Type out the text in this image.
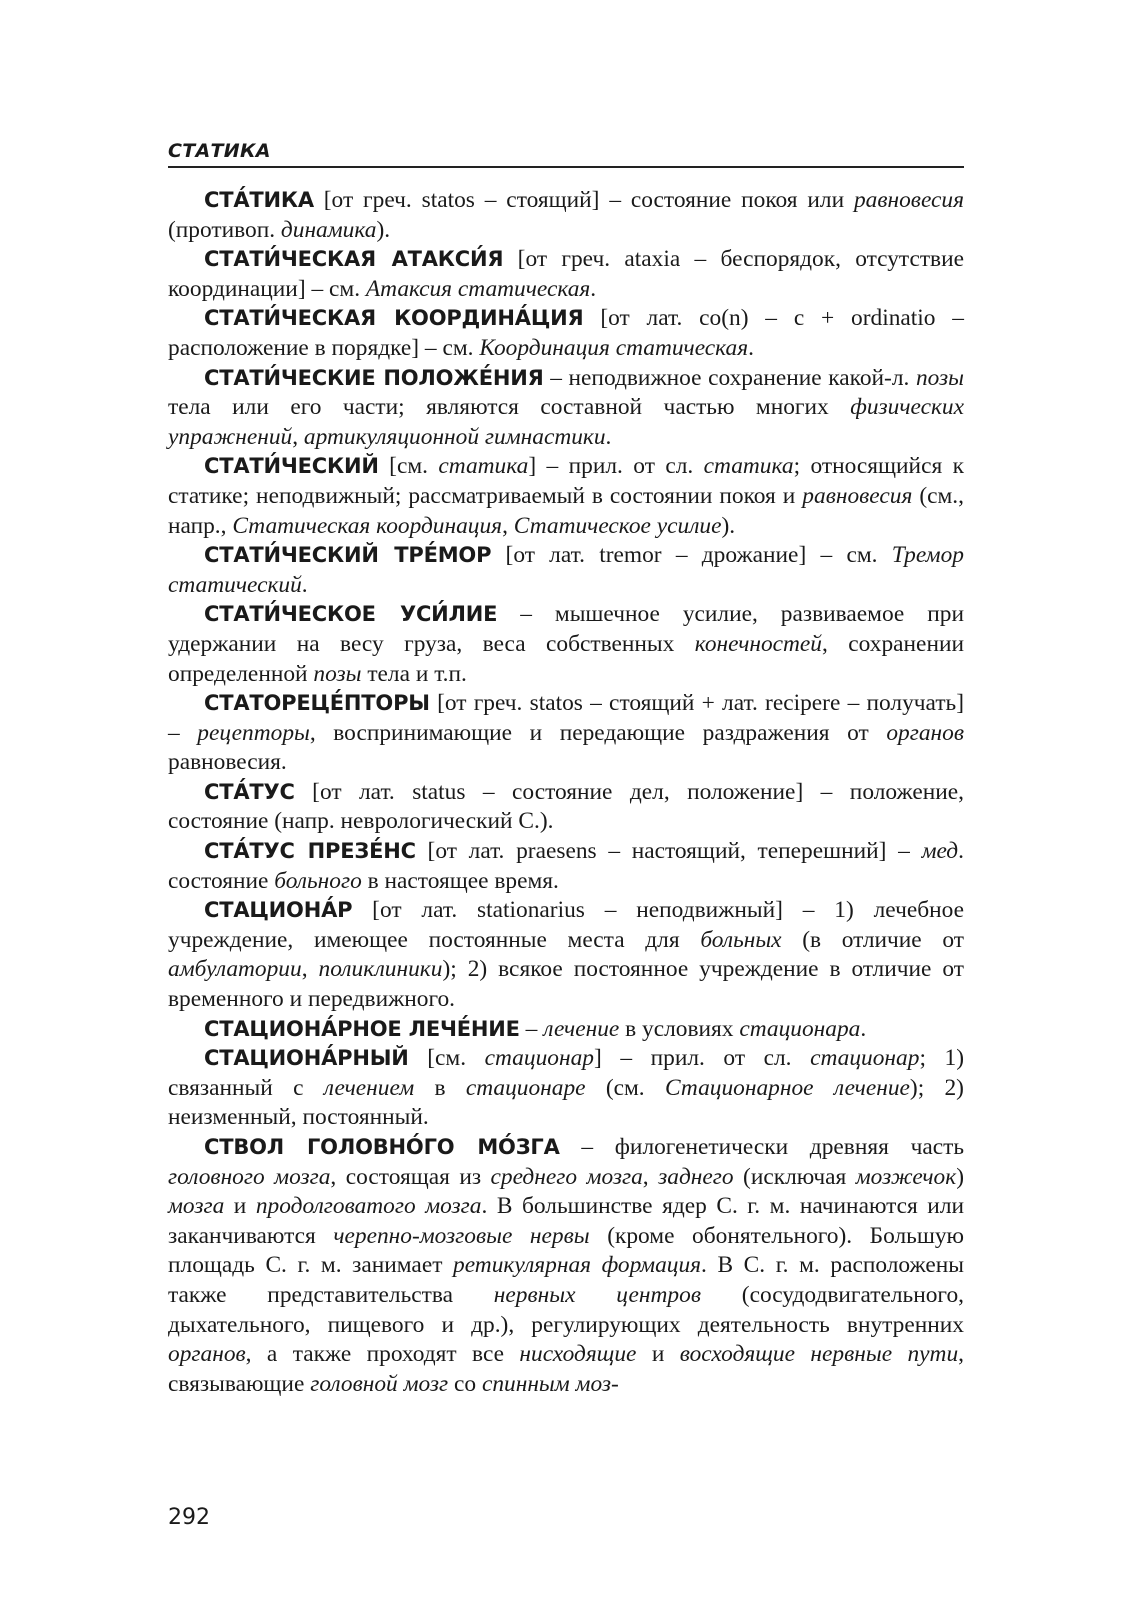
СТАТИКА

СТА́ТИКА [от греч. statos – стоящий] – состояние покоя или равновесия (противоп. динамика).

СТАТИ́ЧЕСКАЯ АТАКСИ́Я [от греч. ataxia – беспорядок, отсутствие координации] – см. Атаксия статическая.

СТАТИ́ЧЕСКАЯ КООРДИНА́ЦИЯ [от лат. co(n) – с + ordinatio – расположение в порядке] – см. Координация статическая.

СТАТИ́ЧЕСКИЕ ПОЛОЖЕ́НИЯ – неподвижное сохранение какой-л. позы тела или его части; являются составной частью многих физических упражнений, артикуляционной гимнастики.

СТАТИ́ЧЕСКИЙ [см. статика] – прил. от сл. статика; относящийся к статике; неподвижный; рассматриваемый в состоянии покоя и равновесия (см., напр., Статическая координация, Статическое усилие).

СТАТИ́ЧЕСКИЙ ТРЕ́МОР [от лат. tremor – дрожание] – см. Тремор статический.

СТАТИ́ЧЕСКОЕ УСИ́ЛИЕ – мышечное усилие, развиваемое при удержании на весу груза, веса собственных конечностей, сохранении определенной позы тела и т.п.

СТАТОРЕЦЕ́ПТОРЫ [от греч. statos – стоящий + лат. recipere – получать] – рецепторы, воспринимающие и передающие раздражения от органов равновесия.

СТА́ТУС [от лат. status – состояние дел, положение] – положение, состояние (напр. неврологический С.).

СТА́ТУС ПРЕЗЕ́НС [от лат. praesens – настоящий, теперешний] – мед. состояние больного в настоящее время.

СТАЦИОНА́Р [от лат. stationarius – неподвижный] – 1) лечебное учреждение, имеющее постоянные места для больных (в отличие от амбулатории, поликлиники); 2) всякое постоянное учреждение в отличие от временного и передвижного.

СТАЦИОНА́РНОЕ ЛЕЧЕ́НИЕ – лечение в условиях стационара.

СТАЦИОНА́РНЫЙ [см. стационар] – прил. от сл. стационар; 1) связанный с лечением в стационаре (см. Стационарное лечение); 2) неизменный, постоянный.

СТВОЛ ГОЛОВНО́ГО МО́ЗГА – филогенетически древняя часть головного мозга, состоящая из среднего мозга, заднего (исключая мозжечок) мозга и продолговатого мозга. В большинстве ядер С. г. м. начинаются или заканчиваются черепно-мозговые нервы (кроме обонятельного). Большую площадь С. г. м. занимает ретикулярная формация. В С. г. м. расположены также представительства нервных центров (сосудодвигательного, дыхательного, пищевого и др.), регулирующих деятельность внутренних органов, а также проходят все нисходящие и восходящие нервные пути, связывающие головной мозг со спинным моз-

292
